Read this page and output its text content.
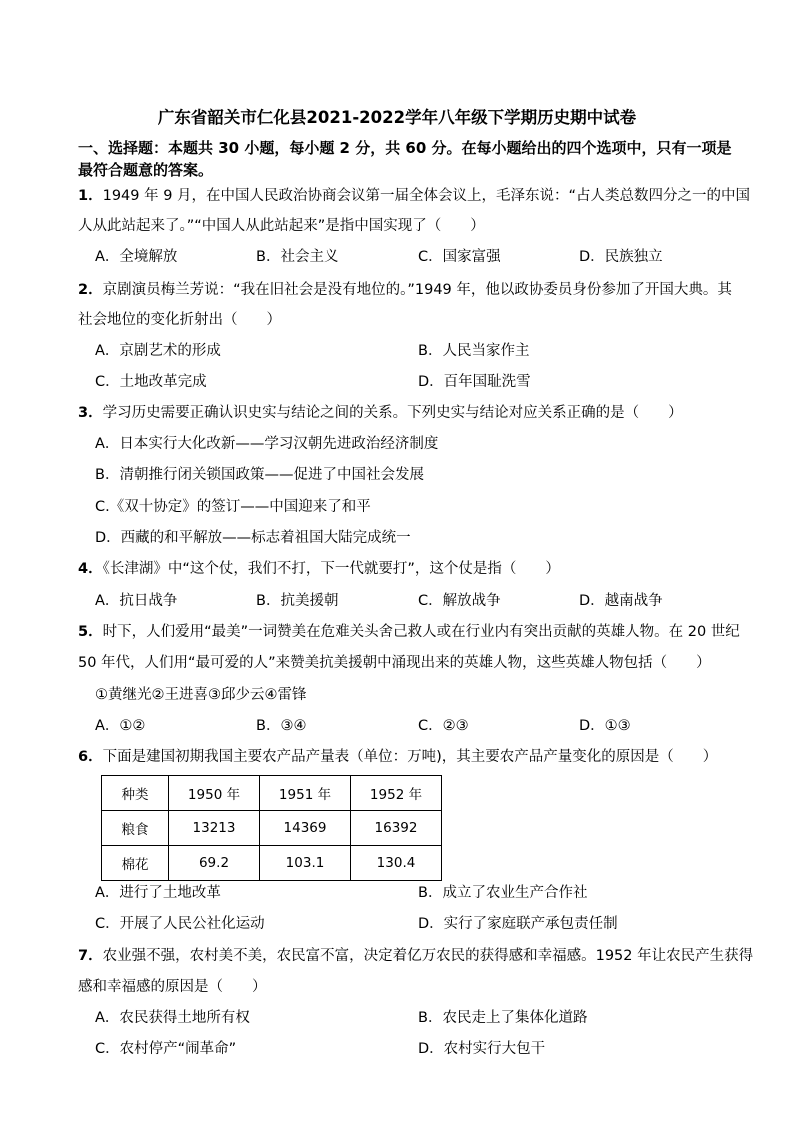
广东省韶关市仁化县2021-2022学年八年级下学期历史期中试卷
一、选择题：本题共 30 小题，每小题 2 分，共 60 分。在每小题给出的四个选项中，只有一项是
最符合题意的答案。
1．1949 年 9 月，在中国人民政治协商会议第一届全体会议上，毛泽东说：“占人类总数四分之一的中国
人从此站起来了。”“中国人从此站起来”是指中国实现了（　　）
A．全境解放	B．社会主义	C．国家富强	D．民族独立
2．京剧演员梅兰芳说：“我在旧社会是没有地位的。”1949 年，他以政协委员身份参加了开国大典。其
社会地位的变化折射出（　　）
A．京剧艺术的形成	B．人民当家作主
C．土地改革完成	D．百年国耻洗雪
3．学习历史需要正确认识史实与结论之间的关系。下列史实与结论对应关系正确的是（　　）
A．日本实行大化改新——学习汉朝先进政治经济制度
B．清朝推行闭关锁国政策——促进了中国社会发展
C.《双十协定》的签订——中国迎来了和平
D．西藏的和平解放——标志着祖国大陆完成统一
4．《长津湖》中“这个仗，我们不打，下一代就要打”，这个仗是指（　　）
A．抗日战争	B．抗美援朝	C．解放战争	D．越南战争
5．时下，人们爱用“最美”一词赞美在危难关头舍己救人或在行业内有突出贡献的英雄人物。在 20 世纪
50 年代，人们用“最可爱的人”来赞美抗美援朝中涌现出来的英雄人物，这些英雄人物包括（　　）
①黄继光②王进喜③邱少云④雷锋
A．①②	B．③④	C．②③	D．①③
6．下面是建国初期我国主要农产品产量表（单位：万吨)，其主要农产品产量变化的原因是（　　）
种类	1950 年	1951 年	1952 年
粮食	13213	14369	16392
棉花	69.2	103.1	130.4
A．进行了土地改革	B．成立了农业生产合作社
C．开展了人民公社化运动	D．实行了家庭联产承包责任制
7．农业强不强，农村美不美，农民富不富，决定着亿万农民的获得感和幸福感。1952 年让农民产生获得
感和幸福感的原因是（　　）
A．农民获得土地所有权	B．农民走上了集体化道路
C．农村停产“闹革命”	D．农村实行大包干
